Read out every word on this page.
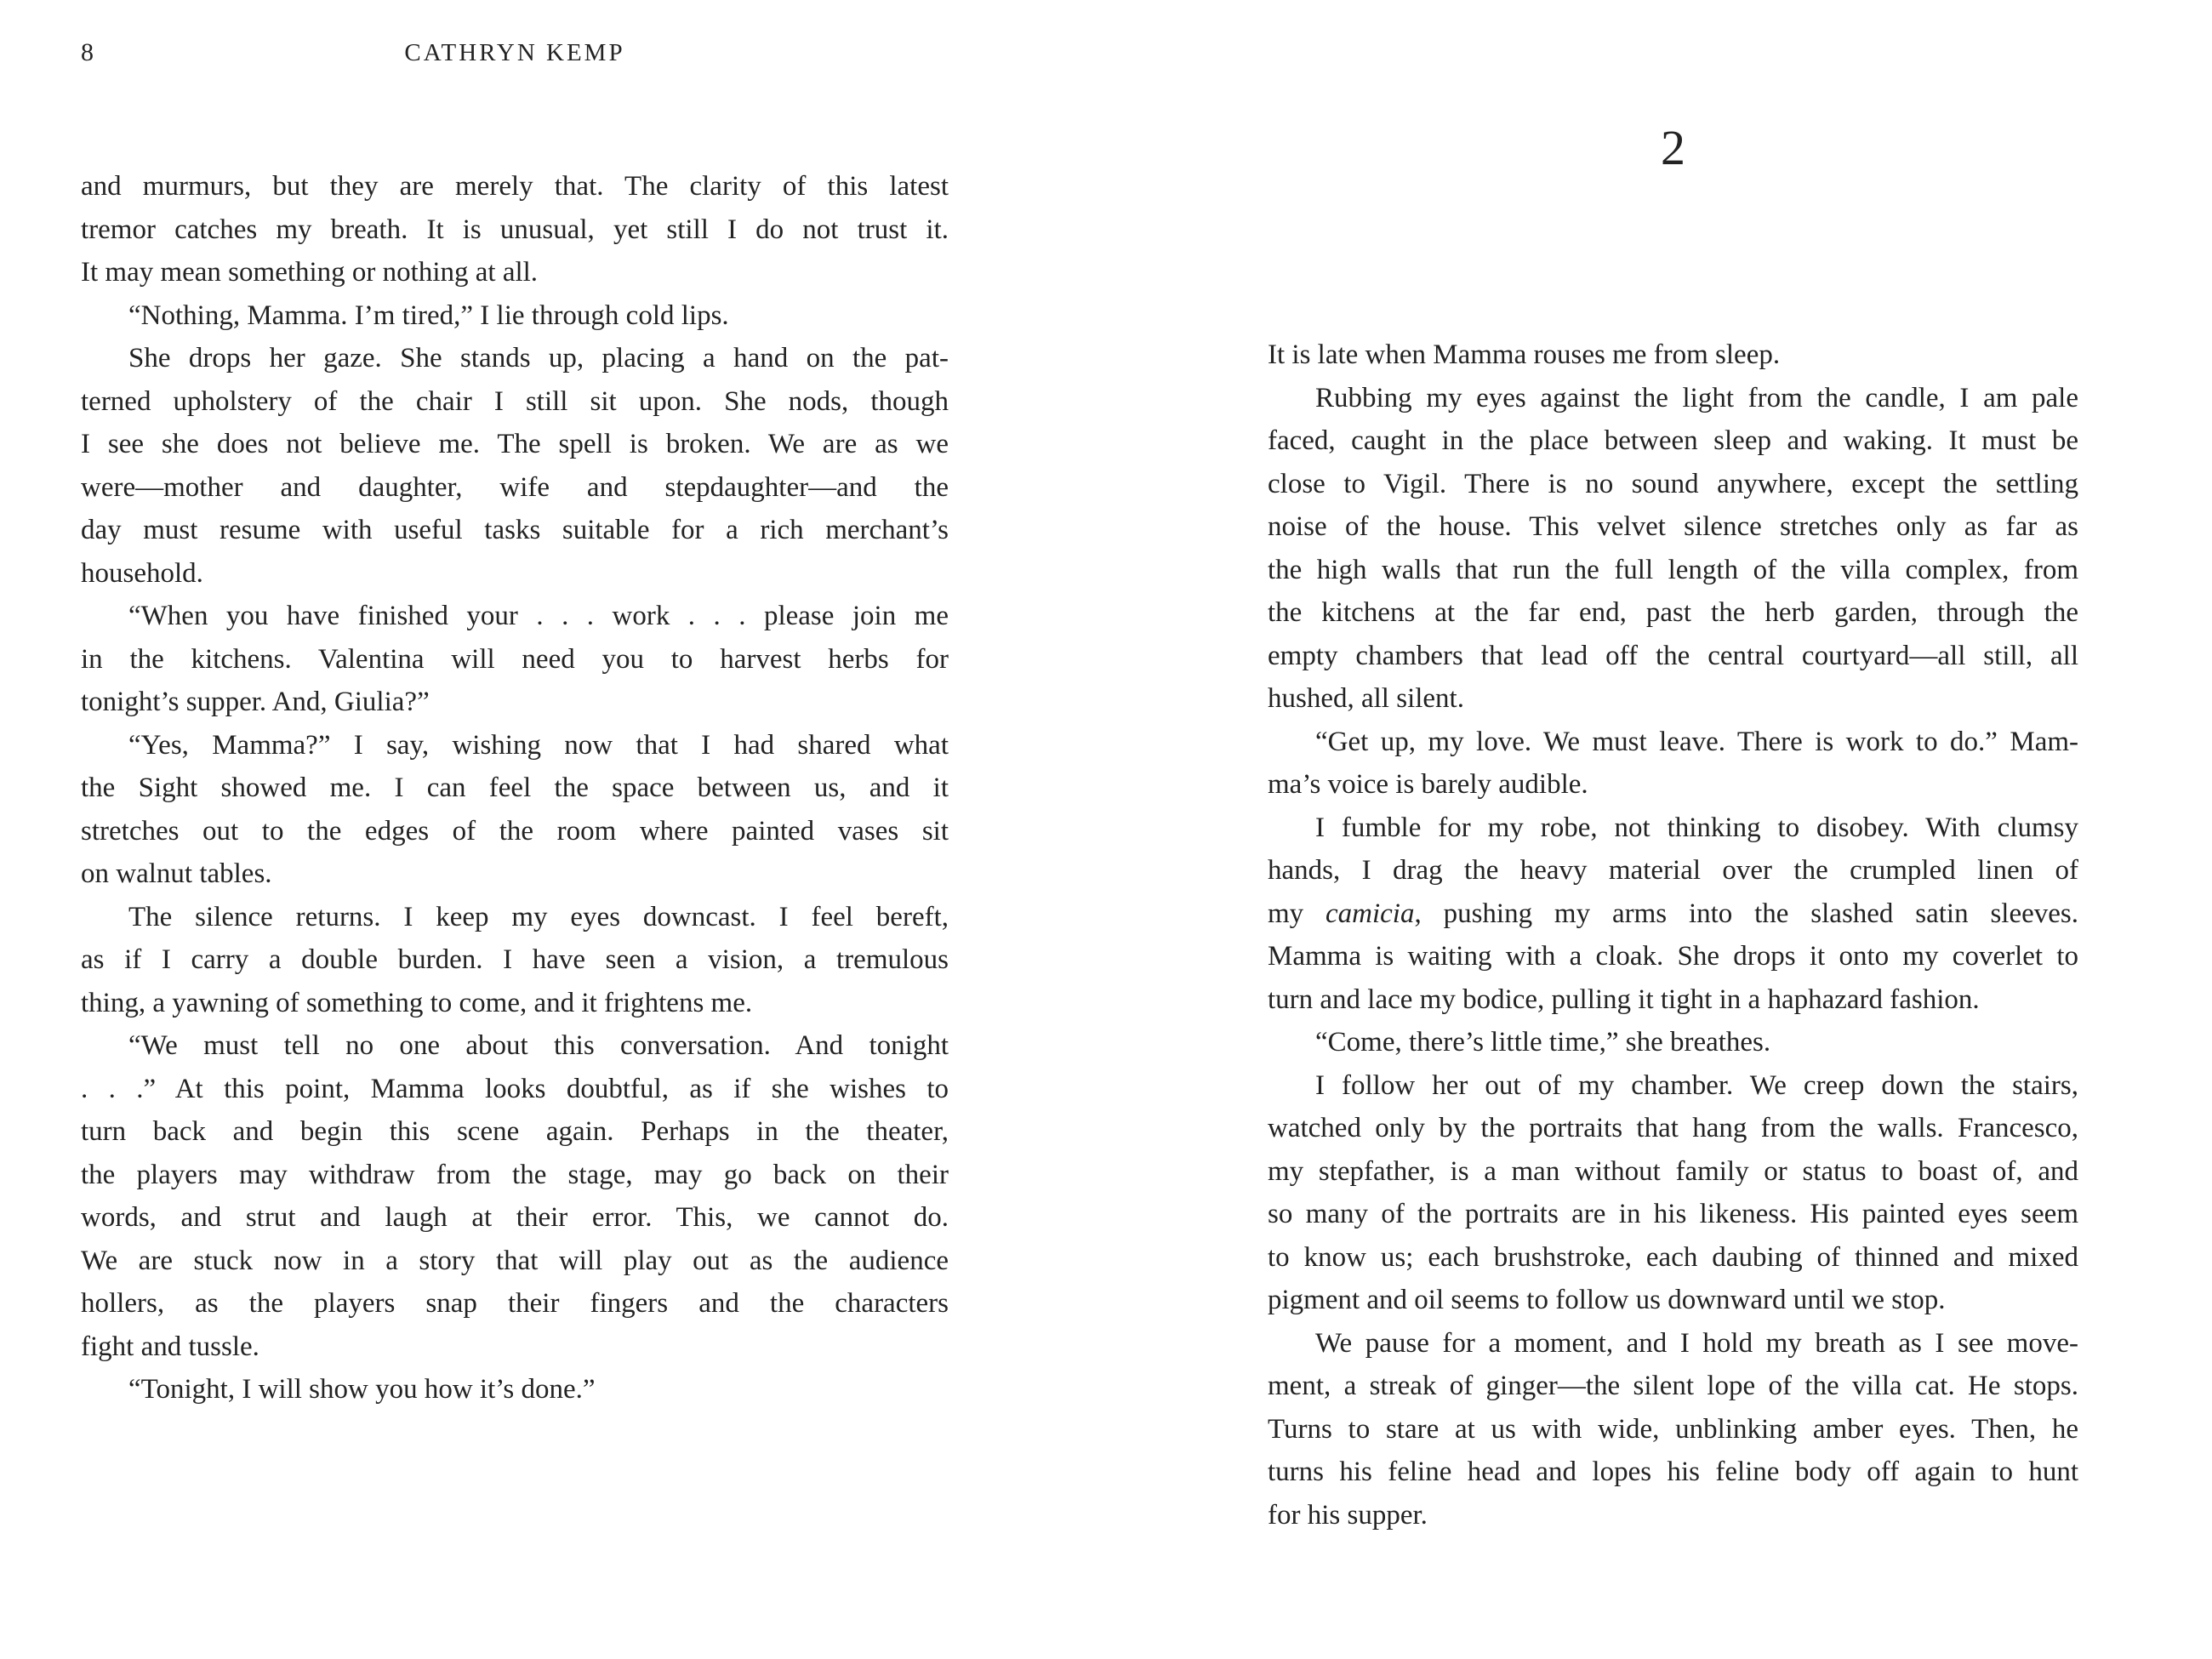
8	CATHRYN KEMP
and murmurs, but they are merely that. The clarity of this latest
tremor catches my breath. It is unusual, yet still I do not trust it.
It may mean something or nothing at all.
“Nothing, Mamma. I’m tired,” I lie through cold lips.
She drops her gaze. She stands up, placing a hand on the pat-
terned upholstery of the chair I still sit upon. She nods, though
I see she does not believe me. The spell is broken. We are as we
were—mother and daughter, wife and stepdaughter—and the
day must resume with useful tasks suitable for a rich merchant’s
household.
“When you have finished your . . . work . . . please join me
in the kitchens. Valentina will need you to harvest herbs for
tonight’s supper. And, Giulia?”
“Yes, Mamma?” I say, wishing now that I had shared what
the Sight showed me. I can feel the space between us, and it
stretches out to the edges of the room where painted vases sit
on walnut tables.
The silence returns. I keep my eyes downcast. I feel bereft,
as if I carry a double burden. I have seen a vision, a tremulous
thing, a yawning of something to come, and it frightens me.
“We must tell no one about this conversation. And tonight
. . .” At this point, Mamma looks doubtful, as if she wishes to
turn back and begin this scene again. Perhaps in the theater,
the players may withdraw from the stage, may go back on their
words, and strut and laugh at their error. This, we cannot do.
We are stuck now in a story that will play out as the audience
hollers, as the players snap their fingers and the characters
fight and tussle.
“Tonight, I will show you how it’s done.”
2
It is late when Mamma rouses me from sleep.
Rubbing my eyes against the light from the candle, I am pale
faced, caught in the place between sleep and waking. It must be
close to Vigil. There is no sound anywhere, except the settling
noise of the house. This velvet silence stretches only as far as
the high walls that run the full length of the villa complex, from
the kitchens at the far end, past the herb garden, through the
empty chambers that lead off the central courtyard—all still, all
hushed, all silent.
“Get up, my love. We must leave. There is work to do.” Mam-
ma’s voice is barely audible.
I fumble for my robe, not thinking to disobey. With clumsy
hands, I drag the heavy material over the crumpled linen of
my camicia, pushing my arms into the slashed satin sleeves.
Mamma is waiting with a cloak. She drops it onto my coverlet to
turn and lace my bodice, pulling it tight in a haphazard fashion.
“Come, there’s little time,” she breathes.
I follow her out of my chamber. We creep down the stairs,
watched only by the portraits that hang from the walls. Francesco,
my stepfather, is a man without family or status to boast of, and
so many of the portraits are in his likeness. His painted eyes seem
to know us; each brushstroke, each daubing of thinned and mixed
pigment and oil seems to follow us downward until we stop.
We pause for a moment, and I hold my breath as I see move-
ment, a streak of ginger—the silent lope of the villa cat. He stops.
Turns to stare at us with wide, unblinking amber eyes. Then, he
turns his feline head and lopes his feline body off again to hunt
for his supper.
